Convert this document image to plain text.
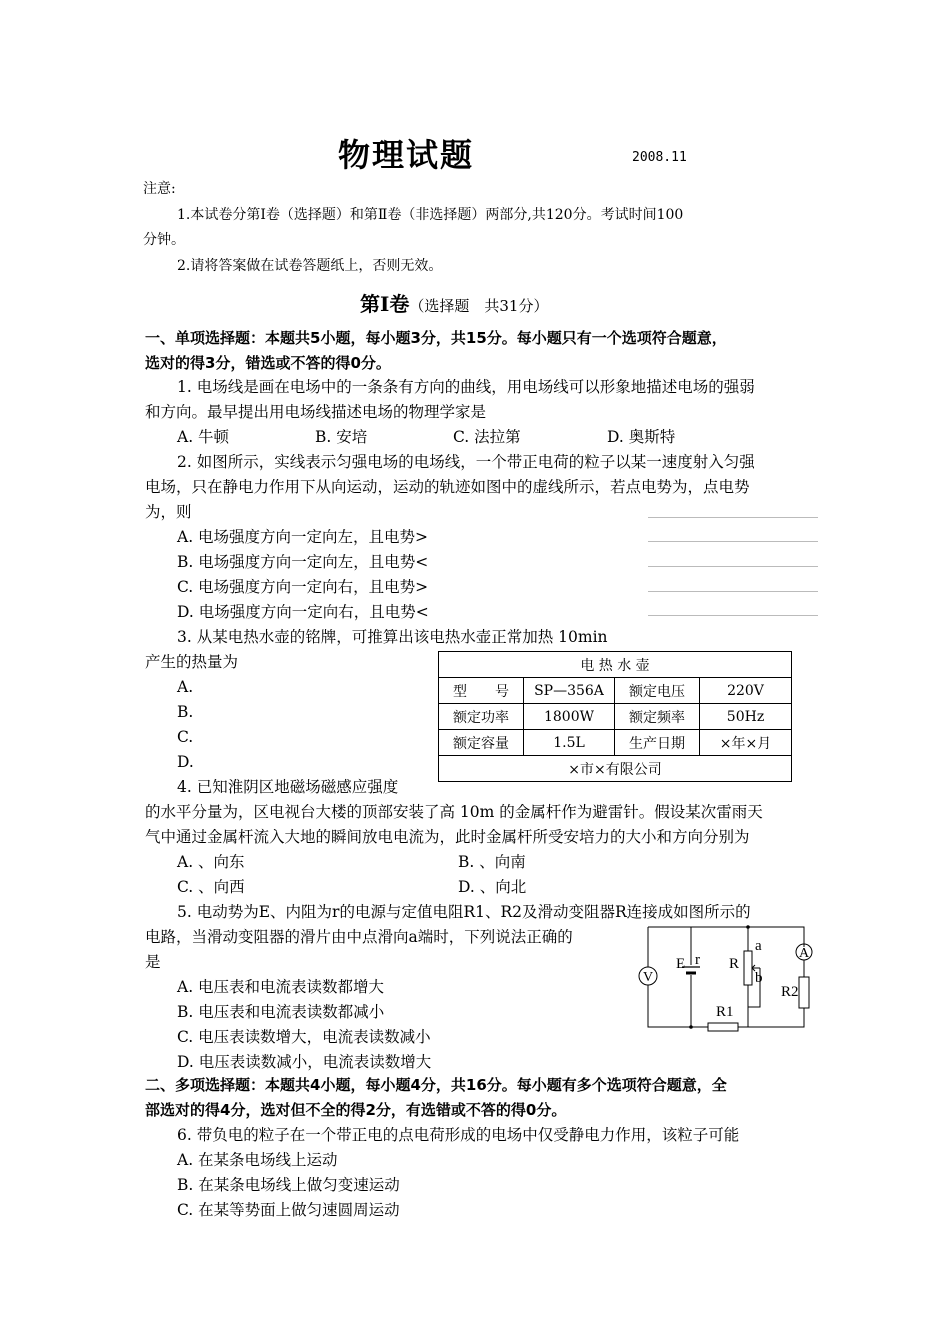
物理试题	2008.11
注意:
1.本试卷分第Ⅰ卷（选择题）和第Ⅱ卷（非选择题）两部分,共120分。考试时间100
分钟。
2.请将答案做在试卷答题纸上，否则无效。
第Ⅰ卷（选择题　共31分）
一、单项选择题：本题共5小题，每小题3分，共15分。每小题只有一个选项符合题意，
选对的得3分，错选或不答的得0分。
1. 电场线是画在电场中的一条条有方向的曲线，用电场线可以形象地描述电场的强弱
和方向。最早提出用电场线描述电场的物理学家是
A. 牛顿	B. 安培	C. 法拉第	D. 奥斯特
2. 如图所示，实线表示匀强电场的电场线，一个带正电荷的粒子以某一速度射入匀强
电场，只在静电力作用下从向运动，运动的轨迹如图中的虚线所示，若点电势为，点电势
为，则
A. 电场强度方向一定向左，且电势>
B. 电场强度方向一定向左，且电势<
C. 电场强度方向一定向右，且电势>
D. 电场强度方向一定向右，且电势<
3. 从某电热水壶的铭牌，可推算出该电热水壶正常加热 10min
产生的热量为
A.
B.
C.
D.
电 热 水 壶			
型　　号	SP—356A	额定电压	220V
额定功率	1800W	额定频率	50Hz
额定容量	1.5L	生产日期	×年×月
×市×有限公司			
4. 已知淮阴区地磁场磁感应强度
的水平分量为，区电视台大楼的顶部安装了高 10m 的金属杆作为避雷针。假设某次雷雨天
气中通过金属杆流入大地的瞬间放电电流为，此时金属杆所受安培力的大小和方向分别为
A. 、向东	B. 、向南
C. 、向西	D. 、向北
5. 电动势为E、内阻为r的电源与定值电阻R1、R2及滑动变阻器R连接成如图所示的
电路，当滑动变阻器的滑片由中点滑向a端时，下列说法正确的
是
A. 电压表和电流表读数都增大
B. 电压表和电流表读数都减小
C. 电压表读数增大，电流表读数减小
D. 电压表读数减小，电流表读数增大
A
V
E r R
a
b
R2
R1
二、多项选择题：本题共4小题，每小题4分，共16分。每小题有多个选项符合题意，全
部选对的得4分，选对但不全的得2分，有选错或不答的得0分。
6. 带负电的粒子在一个带正电的点电荷形成的电场中仅受静电力作用，该粒子可能
A. 在某条电场线上运动
B. 在某条电场线上做匀变速运动
C. 在某等势面上做匀速圆周运动
